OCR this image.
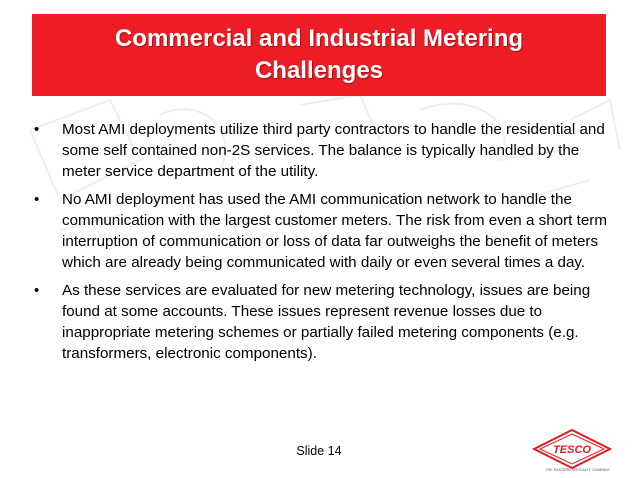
Commercial and Industrial Metering Challenges
• Most AMI deployments utilize third party contractors to handle the residential and some self contained non-2S services. The balance is typically handled by the meter service department of the utility.
• No AMI deployment has used the AMI communication network to handle the communication with the largest customer meters. The risk from even a short term interruption of communication or loss of data far outweighs the benefit of meters which are already being communicated with daily or even several times a day.
• As these services are evaluated for new metering technology, issues are being found at some accounts. These issues represent revenue losses due to inappropriate metering schemes or partially failed metering components (e.g. transformers, electronic components).
Slide 14	TESCO
THE EASTERN SPECIALTY COMPANY
